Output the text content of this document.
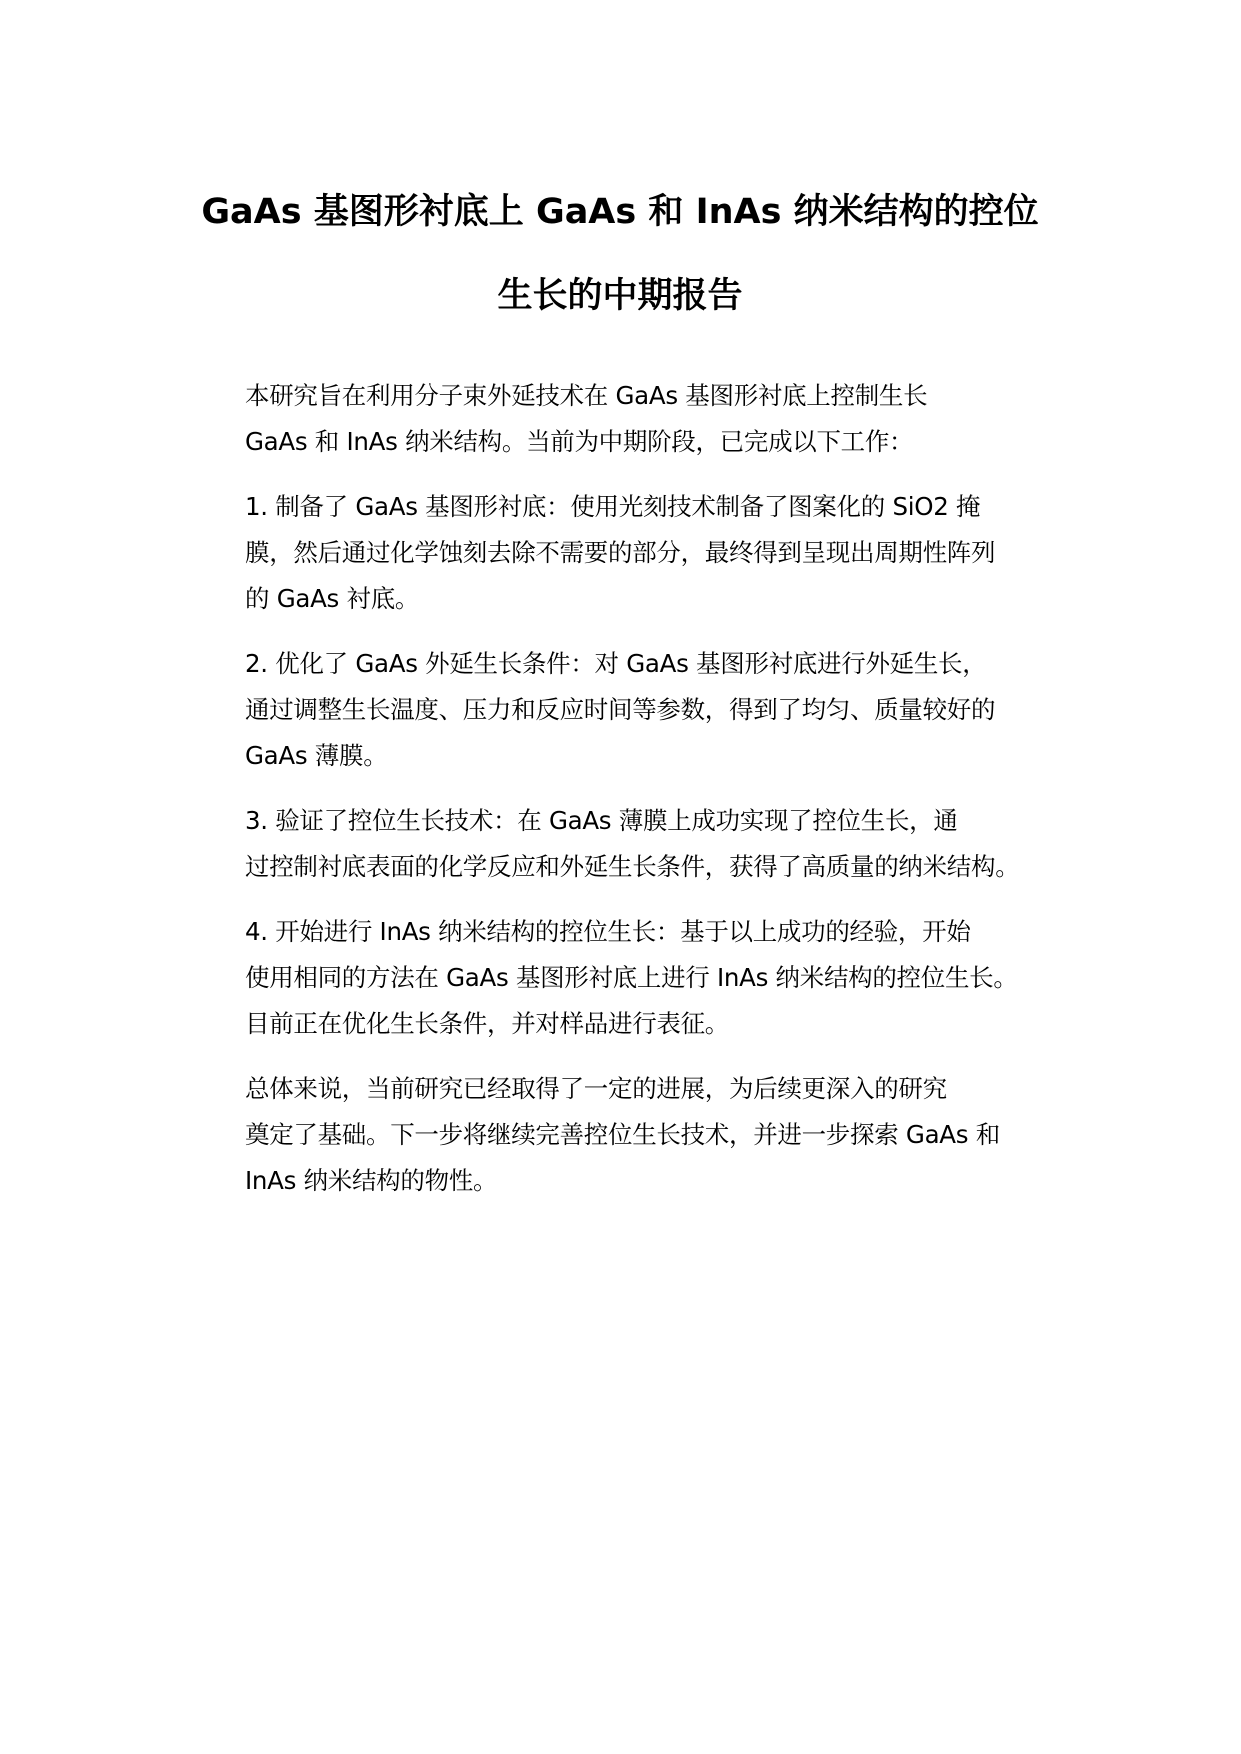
GaAs 基图形衬底上 GaAs 和 InAs 纳米结构的控位

生长的中期报告

本研究旨在利用分子束外延技术在 GaAs 基图形衬底上控制生长
GaAs 和 InAs 纳米结构。当前为中期阶段，已完成以下工作：

1. 制备了 GaAs 基图形衬底：使用光刻技术制备了图案化的 SiO2 掩
膜，然后通过化学蚀刻去除不需要的部分，最终得到呈现出周期性阵列
的 GaAs 衬底。

2. 优化了 GaAs 外延生长条件：对 GaAs 基图形衬底进行外延生长，
通过调整生长温度、压力和反应时间等参数，得到了均匀、质量较好的
GaAs 薄膜。

3. 验证了控位生长技术：在 GaAs 薄膜上成功实现了控位生长，通
过控制衬底表面的化学反应和外延生长条件，获得了高质量的纳米结构。

4. 开始进行 InAs 纳米结构的控位生长：基于以上成功的经验，开始
使用相同的方法在 GaAs 基图形衬底上进行 InAs 纳米结构的控位生长。
目前正在优化生长条件，并对样品进行表征。

总体来说，当前研究已经取得了一定的进展，为后续更深入的研究
奠定了基础。下一步将继续完善控位生长技术，并进一步探索 GaAs 和
InAs 纳米结构的物性。
